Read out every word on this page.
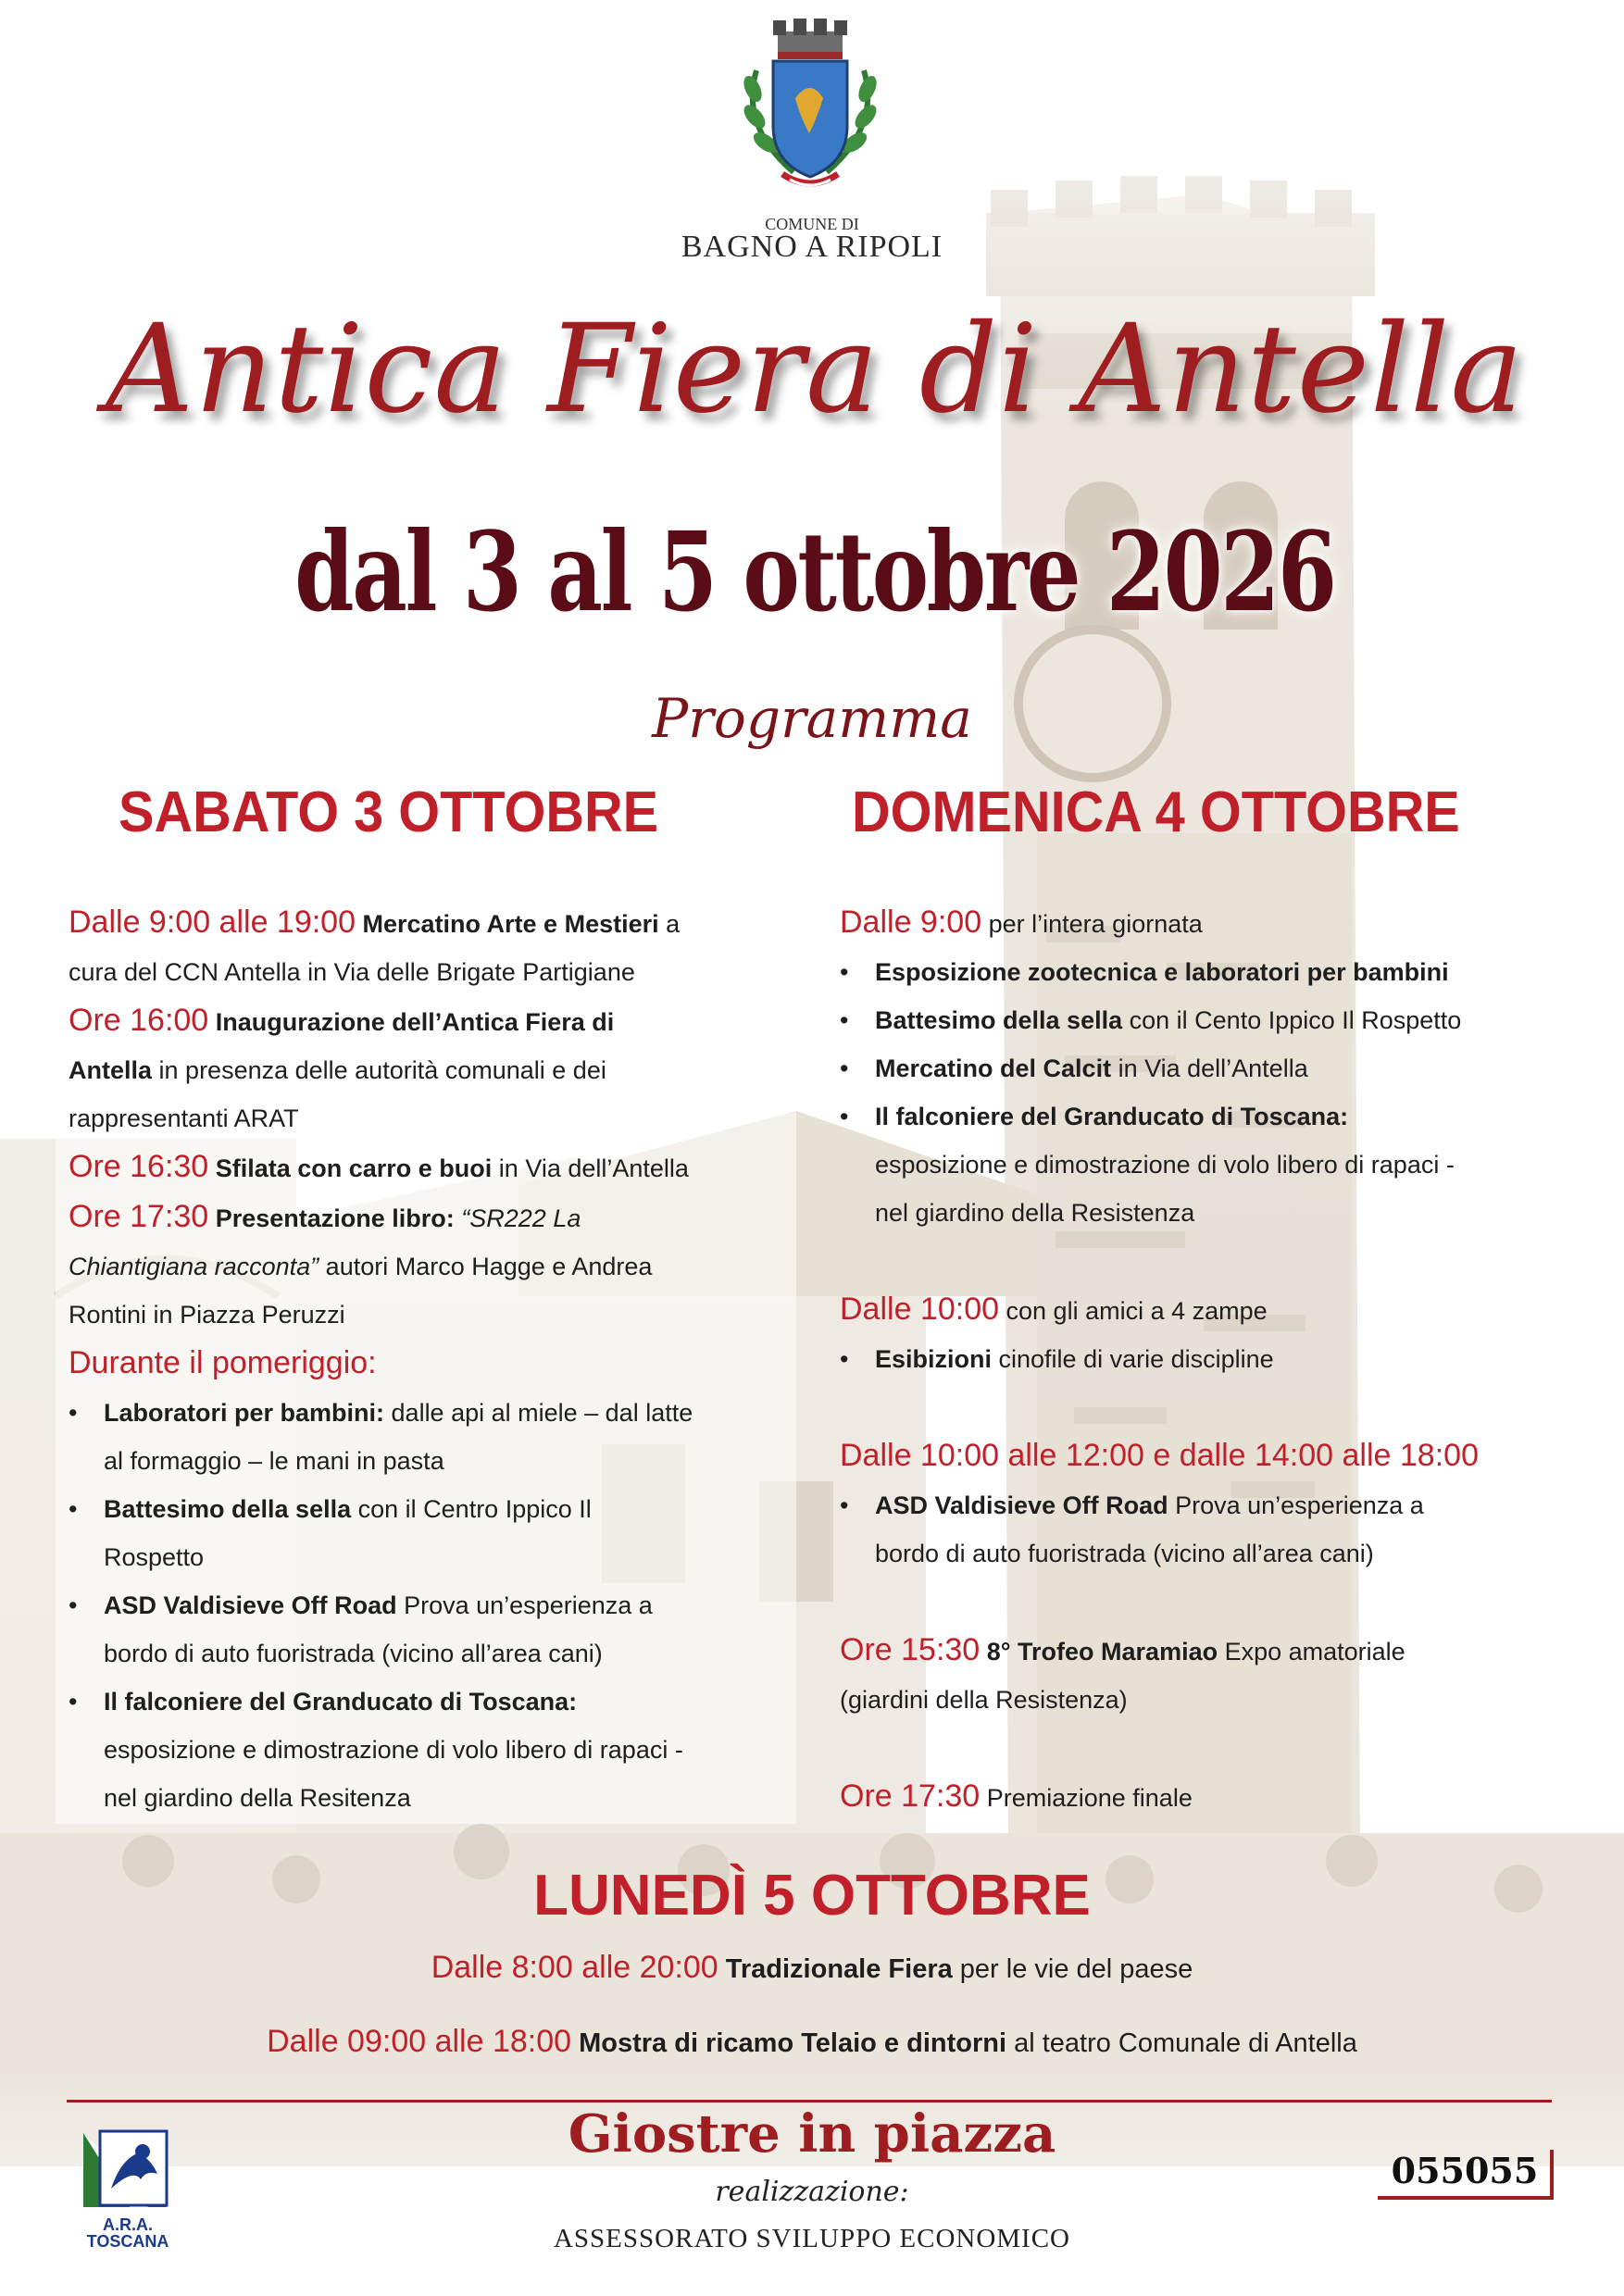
COMUNE DI
BAGNO A RIPOLI
Antica Fiera di Antella
dal 3 al 5 ottobre 2026
Programma
SABATO 3 OTTOBRE	DOMENICA 4 OTTOBRE
Dalle 9:00 alle 19:00 Mercatino Arte e Mestieri a
cura del CCN Antella in Via delle Brigate Partigiane
Ore 16:00 Inaugurazione dell’Antica Fiera di
Antella in presenza delle autorità comunali e dei
rappresentanti ARAT
Ore 16:30 Sfilata con carro e buoi in Via dell’Antella
Ore 17:30 Presentazione libro: “SR222 La
Chiantigiana racconta” autori Marco Hagge e Andrea
Rontini in Piazza Peruzzi
Durante il pomeriggio:
• Laboratori per bambini: dalle api al miele – dal latte
al formaggio – le mani in pasta
• Battesimo della sella con il Centro Ippico Il
Rospetto
• ASD Valdisieve Off Road Prova un’esperienza a
bordo di auto fuoristrada (vicino all’area cani)
• Il falconiere del Granducato di Toscana:
esposizione e dimostrazione di volo libero di rapaci -
nel giardino della Resitenza
Dalle 9:00 per l’intera giornata
• Esposizione zootecnica e laboratori per bambini
• Battesimo della sella con il Cento Ippico Il Rospetto
• Mercatino del Calcit in Via dell’Antella
• Il falconiere del Granducato di Toscana:
esposizione e dimostrazione di volo libero di rapaci -
nel giardino della Resistenza
Dalle 10:00 con gli amici a 4 zampe
• Esibizioni cinofile di varie discipline
Dalle 10:00 alle 12:00 e dalle 14:00 alle 18:00
• ASD Valdisieve Off Road Prova un’esperienza a
bordo di auto fuoristrada (vicino all’area cani)
Ore 15:30 8° Trofeo Maramiao Expo amatoriale
(giardini della Resistenza)
Ore 17:30 Premiazione finale
LUNEDÌ 5 OTTOBRE
Dalle 8:00 alle 20:00 Tradizionale Fiera per le vie del paese
Dalle 09:00 alle 18:00 Mostra di ricamo Telaio e dintorni al teatro Comunale di Antella
A.R.A. TOSCANA
Giostre in piazza
realizzazione:
ASSESSORATO SVILUPPO ECONOMICO
055055
